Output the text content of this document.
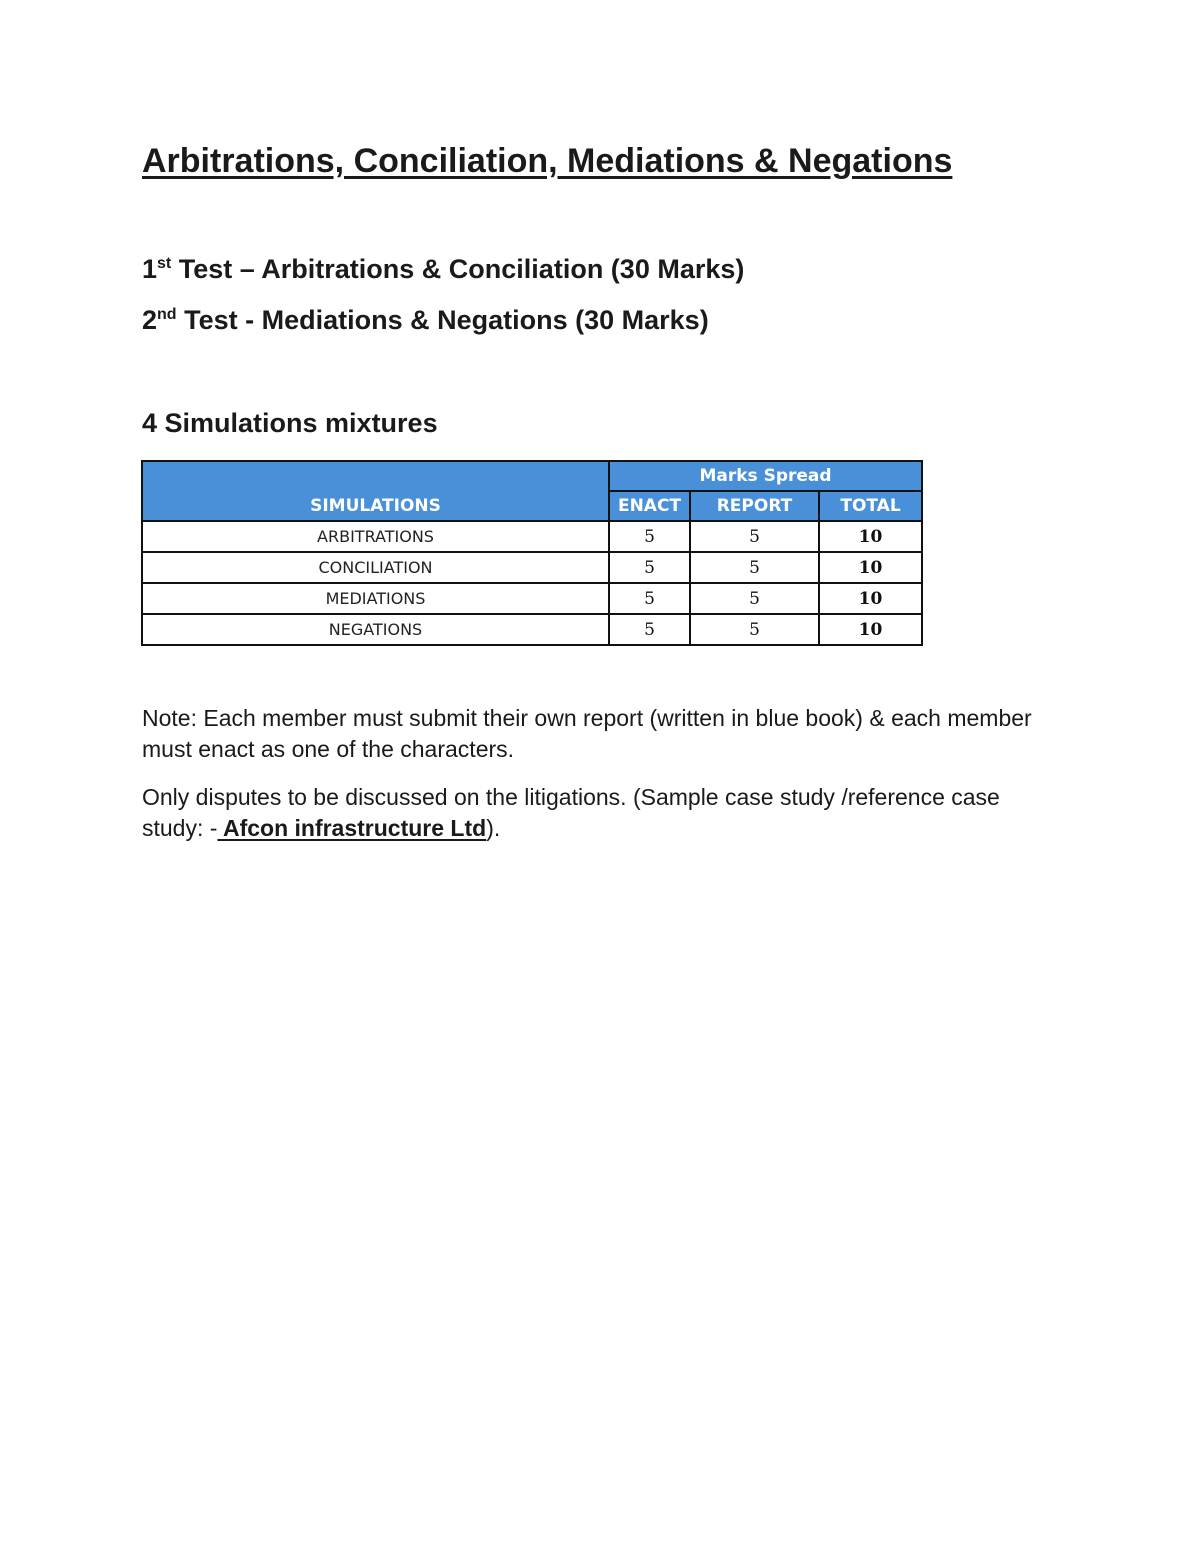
Arbitrations, Conciliation, Mediations & Negations

1st Test – Arbitrations & Conciliation (30 Marks)

2nd Test - Mediations & Negations (30 Marks)

4 Simulations mixtures
SIMULATIONS	Marks Spread		
	ENACT	REPORT	TOTAL
ARBITRATIONS	5	5	10
CONCILIATION	5	5	10
MEDIATIONS	5	5	10
NEGATIONS	5	5	10

Note: Each member must submit their own report (written in blue book) & each member must enact as one of the characters.

Only disputes to be discussed on the litigations. (Sample case study /reference case study: - Afcon infrastructure Ltd).
